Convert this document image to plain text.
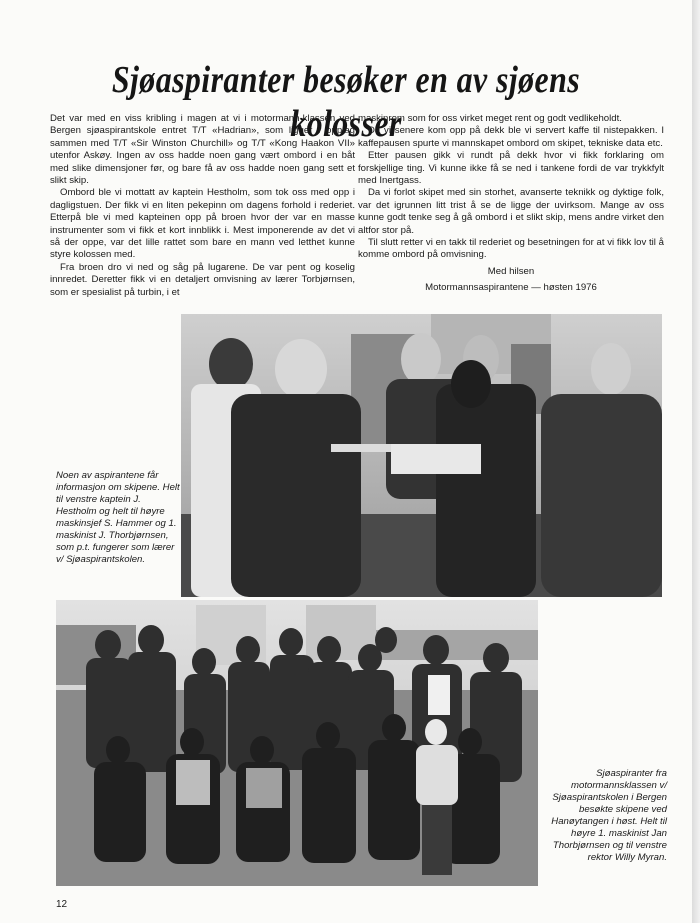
Sjøaspiranter besøker en av sjøens kolosser

Det var med en viss kribling i magen at vi i motormann-klassen ved Bergen sjøaspirantskole entret T/T «Hadrian», som ligger i opplag sammen med T/T «Sir Winston Churchill» og T/T «Kong Haakon VII» utenfor Askøy. Ingen av oss hadde noen gang vært ombord i en båt med slike dimensjoner før, og bare få av oss hadde noen gang sett et slikt skip.

Ombord ble vi mottatt av kaptein Hestholm, som tok oss med opp i dagligstuen. Der fikk vi en liten pekepinn om dagens forhold i rederiet. Etterpå ble vi med kapteinen opp på broen hvor der var en masse instrumenter som vi fikk et kort innblikk i. Mest imponerende av det vi så der oppe, var det lille rattet som bare en mann ved letthet kunne styre kolossen med.

Fra broen dro vi ned og såg på lugarene. De var pent og koselig innredet. Deretter fikk vi en detaljert omvisning av lærer Torbjørnsen, som er spesialist på turbin, i et

maskinrom som for oss virket meget rent og godt vedlikeholdt.

Da vi senere kom opp på dekk ble vi servert kaffe til nistepakken. I kaffepausen spurte vi mannskapet ombord om skipet, tekniske data etc.

Etter pausen gikk vi rundt på dekk hvor vi fikk forklaring om forskjellige ting. Vi kunne ikke få se ned i tankene fordi de var trykkfylt med Inertgass.

Da vi forlot skipet med sin storhet, avanserte teknikk og dyktige folk, var det igrunnen litt trist å se de ligge der uvirksom. Mange av oss kunne godt tenke seg å gå ombord i et slikt skip, mens andre virket den altfor stor på.

Til slutt retter vi en takk til rederiet og besetningen for at vi fikk lov til å komme ombord på omvisning.

Med hilsen
Motormannsaspirantene — høsten 1976
Noen av aspirantene får informasjon om skipene. Helt til venstre kaptein J. Hestholm og helt til høyre maskinsjef S. Hammer og 1. maskinist J. Thorbjørnsen, som p.t. fungerer som lærer v/ Sjøaspirantskolen.
Sjøaspiranter fra motormannsklassen v/ Sjøaspirantskolen i Bergen besøkte skipene ved Hanøytangen i høst. Helt til høyre 1. maskinist Jan Thorbjørnsen og til venstre rektor Willy Myran.
12
